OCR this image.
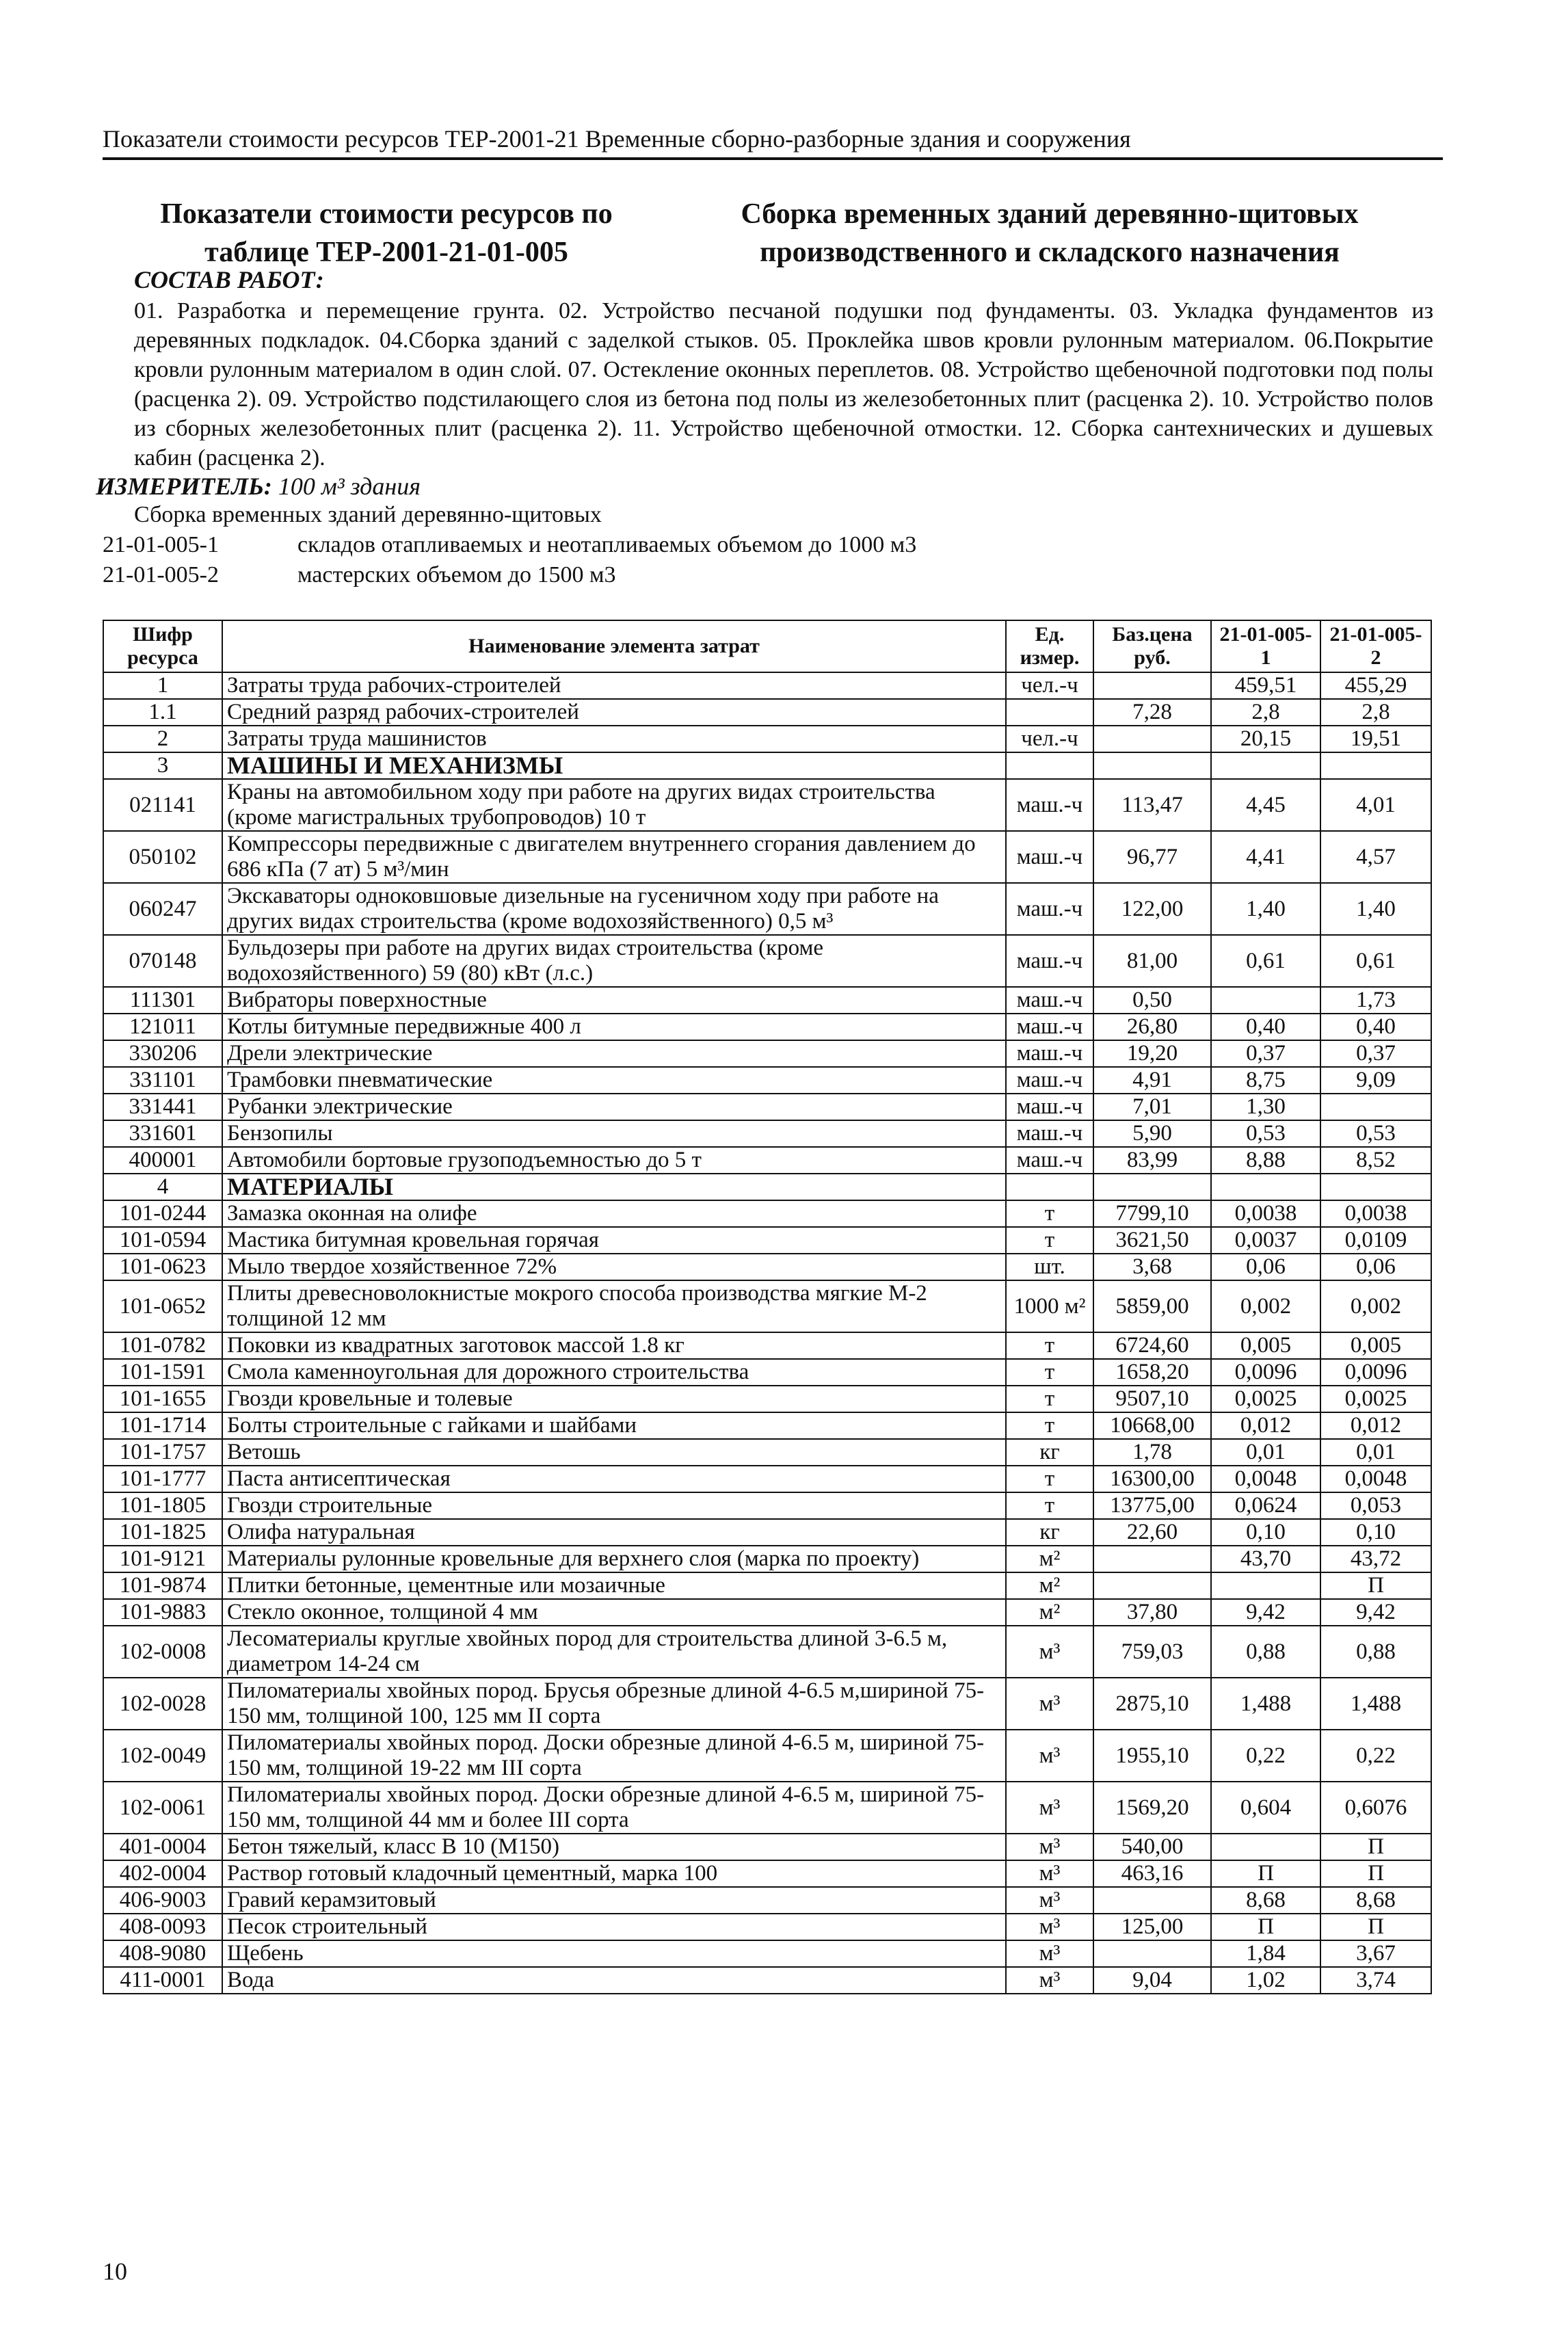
Показатели стоимости ресурсов ТЕР-2001-21 Временные сборно-разборные здания и сооружения
Показатели стоимости ресурсов по таблице ТЕР-2001-21-01-005
Сборка временных зданий деревянно-щитовых производственного и складского назначения
СОСТАВ РАБОТ:
01. Разработка и перемещение грунта. 02. Устройство песчаной подушки под фундаменты. 03. Укладка фундаментов из деревянных подкладок. 04.Сборка зданий с заделкой стыков. 05. Проклейка швов кровли рулонным материалом. 06.Покрытие кровли рулонным материалом в один слой. 07. Остекление оконных переплетов. 08. Устройство щебеночной подготовки под полы (расценка 2). 09. Устройство подстилающего слоя из бетона под полы из железобетонных плит (расценка 2). 10. Устройство полов из сборных железобетонных плит (расценка 2). 11. Устройство щебеночной отмостки. 12. Сборка сантехнических и душевых кабин (расценка 2).
ИЗМЕРИТЕЛЬ: 100 м³ здания
Сборка временных зданий деревянно-щитовых
21-01-005-1	складов отапливаемых и неотапливаемых объемом до 1000 м3
21-01-005-2	мастерских объемом до 1500 м3
Шифр ресурса	Наименование элемента затрат	Ед. измер.	Баз.цена руб.	21-01-005-1	21-01-005-2
1	Затраты труда рабочих-строителей	чел.-ч		459,51	455,29
1.1	Средний разряд рабочих-строителей		7,28	2,8	2,8
2	Затраты труда машинистов	чел.-ч		20,15	19,51
3	МАШИНЫ И МЕХАНИЗМЫ				
021141	Краны на автомобильном ходу при работе на других видах строительства (кроме магистральных трубопроводов) 10 т	маш.-ч	113,47	4,45	4,01
050102	Компрессоры передвижные с двигателем внутреннего сгорания давлением до 686 кПа (7 ат) 5 м³/мин	маш.-ч	96,77	4,41	4,57
060247	Экскаваторы одноковшовые дизельные на гусеничном ходу при работе на других видах строительства (кроме водохозяйственного) 0,5 м³	маш.-ч	122,00	1,40	1,40
070148	Бульдозеры при работе на других видах строительства (кроме водохозяйственного) 59 (80) кВт (л.с.)	маш.-ч	81,00	0,61	0,61
111301	Вибраторы поверхностные	маш.-ч	0,50		1,73
121011	Котлы битумные передвижные 400 л	маш.-ч	26,80	0,40	0,40
330206	Дрели электрические	маш.-ч	19,20	0,37	0,37
331101	Трамбовки пневматические	маш.-ч	4,91	8,75	9,09
331441	Рубанки электрические	маш.-ч	7,01	1,30	
331601	Бензопилы	маш.-ч	5,90	0,53	0,53
400001	Автомобили бортовые грузоподъемностью до 5 т	маш.-ч	83,99	8,88	8,52
4	МАТЕРИАЛЫ				
101-0244	Замазка оконная на олифе	т	7799,10	0,0038	0,0038
101-0594	Мастика битумная кровельная горячая	т	3621,50	0,0037	0,0109
101-0623	Мыло твердое хозяйственное 72%	шт.	3,68	0,06	0,06
101-0652	Плиты древесноволокнистые мокрого способа производства мягкие М-2 толщиной 12 мм	1000 м²	5859,00	0,002	0,002
101-0782	Поковки из квадратных заготовок массой 1.8 кг	т	6724,60	0,005	0,005
101-1591	Смола каменноугольная для дорожного строительства	т	1658,20	0,0096	0,0096
101-1655	Гвозди кровельные и толевые	т	9507,10	0,0025	0,0025
101-1714	Болты строительные с гайками и шайбами	т	10668,00	0,012	0,012
101-1757	Ветошь	кг	1,78	0,01	0,01
101-1777	Паста антисептическая	т	16300,00	0,0048	0,0048
101-1805	Гвозди строительные	т	13775,00	0,0624	0,053
101-1825	Олифа натуральная	кг	22,60	0,10	0,10
101-9121	Материалы рулонные кровельные для верхнего слоя (марка по проекту)	м²		43,70	43,72
101-9874	Плитки бетонные, цементные или мозаичные	м²			П
101-9883	Стекло оконное, толщиной 4 мм	м²	37,80	9,42	9,42
102-0008	Лесоматериалы круглые хвойных пород для строительства длиной 3-6.5 м, диаметром 14-24 см	м³	759,03	0,88	0,88
102-0028	Пиломатериалы хвойных пород. Брусья обрезные длиной 4-6.5 м,шириной 75-150 мм, толщиной 100, 125 мм II сорта	м³	2875,10	1,488	1,488
102-0049	Пиломатериалы хвойных пород. Доски обрезные длиной 4-6.5 м, шириной 75-150 мм, толщиной 19-22 мм III сорта	м³	1955,10	0,22	0,22
102-0061	Пиломатериалы хвойных пород. Доски обрезные длиной 4-6.5 м, шириной 75-150 мм, толщиной 44 мм и более III сорта	м³	1569,20	0,604	0,6076
401-0004	Бетон тяжелый, класс В 10 (М150)	м³	540,00		П
402-0004	Раствор готовый кладочный цементный, марка 100	м³	463,16	П	П
406-9003	Гравий керамзитовый	м³		8,68	8,68
408-0093	Песок строительный	м³	125,00	П	П
408-9080	Щебень	м³		1,84	3,67
411-0001	Вода	м³	9,04	1,02	3,74
10
